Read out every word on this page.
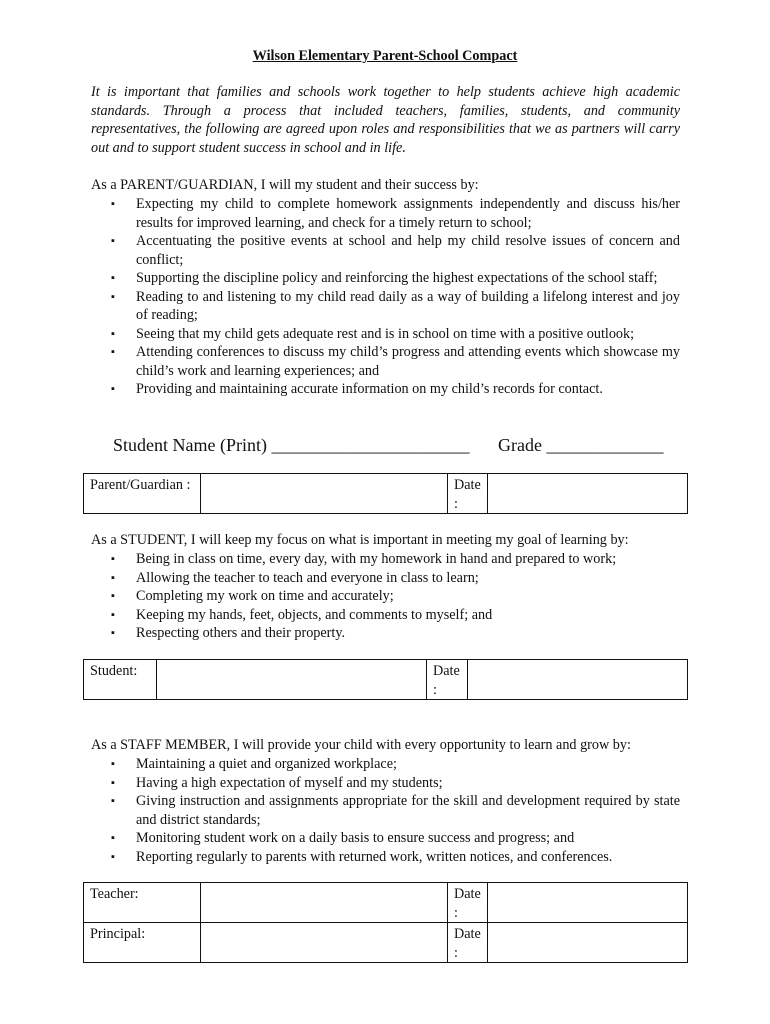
Wilson Elementary Parent-School Compact
It is important that families and schools work together to help students achieve high academic standards. Through a process that included teachers, families, students, and community representatives, the following are agreed upon roles and responsibilities that we as partners will carry out and to support student success in school and in life.
As a PARENT/GUARDIAN, I will my student and their success by:
▪ Expecting my child to complete homework assignments independently and discuss his/her results for improved learning, and check for a timely return to school;
▪ Accentuating the positive events at school and help my child resolve issues of concern and conflict;
▪ Supporting the discipline policy and reinforcing the highest expectations of the school staff;
▪ Reading to and listening to my child read daily as a way of building a lifelong interest and joy of reading;
▪ Seeing that my child gets adequate rest and is in school on time with a positive outlook;
▪ Attending conferences to discuss my child’s progress and attending events which showcase my child’s work and learning experiences; and
▪ Providing and maintaining accurate information on my child’s records for contact.
Student Name (Print) ______________________ Grade _____________
Parent/Guardian :		Date :	
As a STUDENT, I will keep my focus on what is important in meeting my goal of learning by:
▪ Being in class on time, every day, with my homework in hand and prepared to work;
▪ Allowing the teacher to teach and everyone in class to learn;
▪ Completing my work on time and accurately;
▪ Keeping my hands, feet, objects, and comments to myself; and
▪ Respecting others and their property.
Student:		Date :	
As a STAFF MEMBER, I will provide your child with every opportunity to learn and grow by:
▪ Maintaining a quiet and organized workplace;
▪ Having a high expectation of myself and my students;
▪ Giving instruction and assignments appropriate for the skill and development required by state and district standards;
▪ Monitoring student work on a daily basis to ensure success and progress; and
▪ Reporting regularly to parents with returned work, written notices, and conferences.
Teacher:		Date :	
Principal:		Date :	
